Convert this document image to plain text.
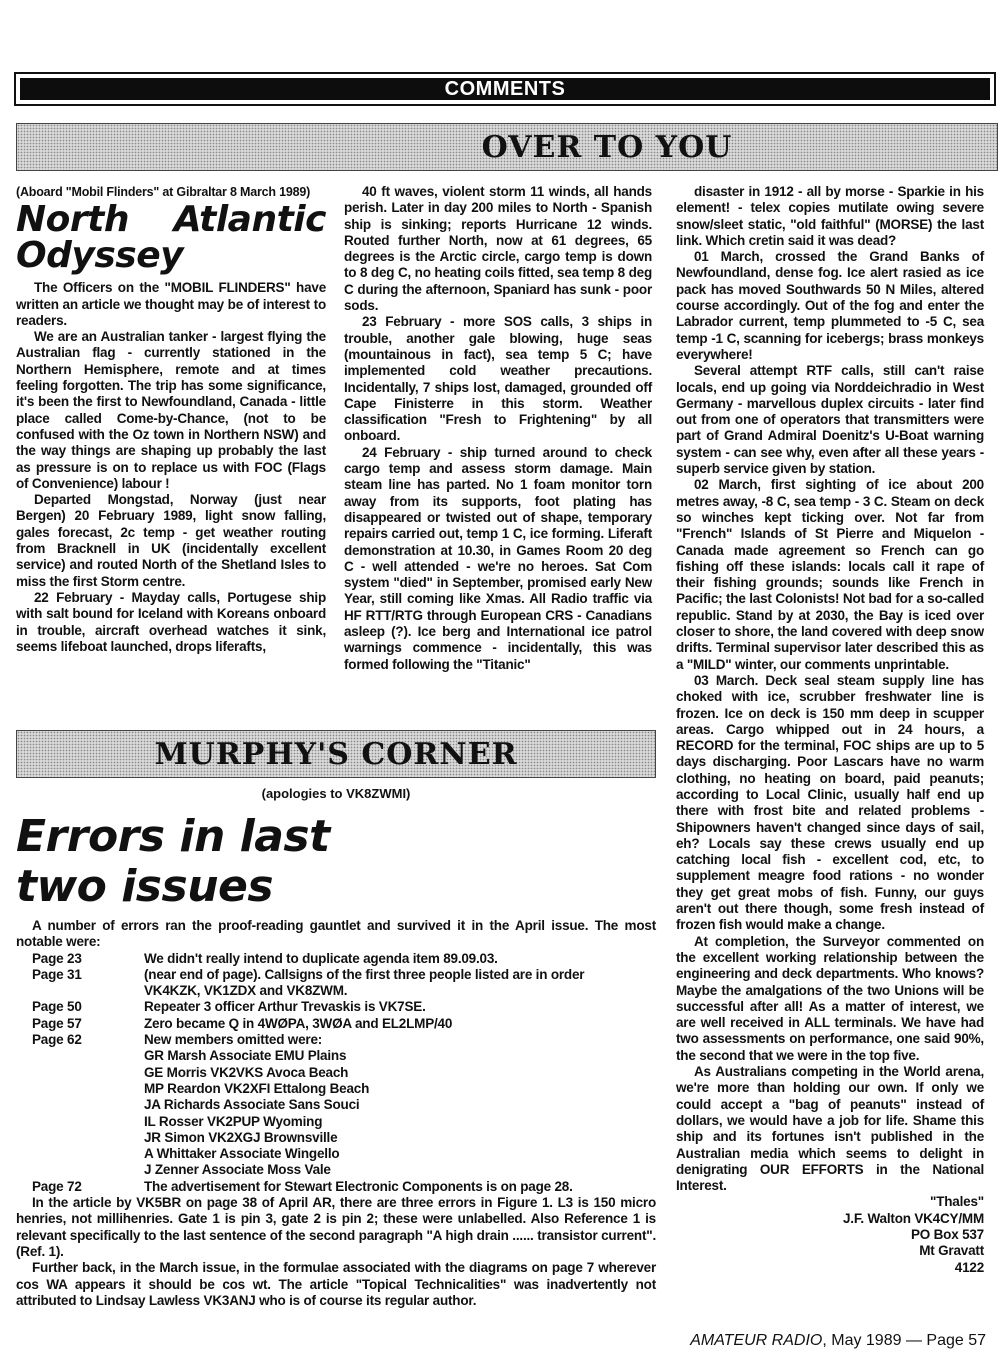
COMMENTS
OVER TO YOU

(Aboard "Mobil Flinders" at Gibraltar 8 March 1989)

North Atlantic Odyssey

The Officers on the "MOBIL FLINDERS" have written an article we thought may be of interest to readers.

We are an Australian tanker - largest flying the Australian flag - currently stationed in the Northern Hemisphere, remote and at times feeling forgotten. The trip has some significance, it's been the first to Newfoundland, Canada - little place called Come-by-Chance, (not to be confused with the Oz town in Northern NSW) and the way things are shaping up probably the last as pressure is on to replace us with FOC (Flags of Convenience) labour !

Departed Mongstad, Norway (just near Bergen) 20 February 1989, light snow falling, gales forecast, 2c temp - get weather routing from Bracknell in UK (incidentally excellent service) and routed North of the Shetland Isles to miss the first Storm centre.

22 February - Mayday calls, Portugese ship with salt bound for Iceland with Koreans onboard in trouble, aircraft overhead watches it sink, seems lifeboat launched, drops liferafts,

40 ft waves, violent storm 11 winds, all hands perish. Later in day 200 miles to North - Spanish ship is sinking; reports Hurricane 12 winds. Routed further North, now at 61 degrees, 65 degrees is the Arctic circle, cargo temp is down to 8 deg C, no heating coils fitted, sea temp 8 deg C during the afternoon, Spaniard has sunk - poor sods.

23 February - more SOS calls, 3 ships in trouble, another gale blowing, huge seas (mountainous in fact), sea temp 5 C; have implemented cold weather precautions. Incidentally, 7 ships lost, damaged, grounded off Cape Finisterre in this storm. Weather classification "Fresh to Frightening" by all onboard.

24 February - ship turned around to check cargo temp and assess storm damage. Main steam line has parted. No 1 foam monitor torn away from its supports, foot plating has disappeared or twisted out of shape, temporary repairs carried out, temp 1 C, ice forming. Liferaft demonstration at 10.30, in Games Room 20 deg C - well attended - we're no heroes. Sat Com system "died" in September, promised early New Year, still coming like Xmas. All Radio traffic via HF RTT/RTG through European CRS - Canadians asleep (?). Ice berg and International ice patrol warnings commence - incidentally, this was formed following the "Titanic"

disaster in 1912 - all by morse - Sparkie in his element! - telex copies mutilate owing severe snow/sleet static, "old faithful" (MORSE) the last link. Which cretin said it was dead?

01 March, crossed the Grand Banks of Newfoundland, dense fog. Ice alert rasied as ice pack has moved Southwards 50 N Miles, altered course accordingly. Out of the fog and enter the Labrador current, temp plummeted to -5 C, sea temp -1 C, scanning for icebergs; brass monkeys everywhere!

Several attempt RTF calls, still can't raise locals, end up going via Norddeichradio in West Germany - marvellous duplex circuits - later find out from one of operators that transmitters were part of Grand Admiral Doenitz's U-Boat warning system - can see why, even after all these years - superb service given by station.

02 March, first sighting of ice about 200 metres away, -8 C, sea temp - 3 C. Steam on deck so winches kept ticking over. Not far from "French" Islands of St Pierre and Miquelon - Canada made agreement so French can go fishing off these islands: locals call it rape of their fishing grounds; sounds like French in Pacific; the last Colonists! Not bad for a so-called republic. Stand by at 2030, the Bay is iced over closer to shore, the land covered with deep snow drifts. Terminal supervisor later described this as a "MILD" winter, our comments unprintable.

03 March. Deck seal steam supply line has choked with ice, scrubber freshwater line is frozen. Ice on deck is 150 mm deep in scupper areas. Cargo whipped out in 24 hours, a RECORD for the terminal, FOC ships are up to 5 days discharging. Poor Lascars have no warm clothing, no heating on board, paid peanuts; according to Local Clinic, usually half end up there with frost bite and related problems - Shipowners haven't changed since days of sail, eh? Locals say these crews usually end up catching local fish - excellent cod, etc, to supplement meagre food rations - no wonder they get great mobs of fish. Funny, our guys aren't out there though, some fresh instead of frozen fish would make a change.

At completion, the Surveyor commented on the excellent working relationship between the engineering and deck departments. Who knows? Maybe the amalgations of the two Unions will be successful after all! As a matter of interest, we are well received in ALL terminals. We have had two assessments on performance, one said 90%, the second that we were in the top five.

As Australians competing in the World arena, we're more than holding our own. If only we could accept a "bag of peanuts" instead of dollars, we would have a job for life. Shame this ship and its fortunes isn't published in the Australian media which seems to delight in denigrating OUR EFFORTS in the National Interest.

"Thales"
J.F. Walton VK4CY/MM
PO Box 537
Mt Gravatt
4122
MURPHY'S CORNER
(apologies to VK8ZWMI)
Errors in last
two issues

A number of errors ran the proof-reading gauntlet and survived it in the April issue. The most notable were:

Page 23	We didn't really intend to duplicate agenda item 89.09.03.
Page 31	(near end of page). Callsigns of the first three people listed are in order
VK4KZK, VK1ZDX and VK8ZWM.
Page 50	Repeater 3 officer Arthur Trevaskis is VK7SE.
Page 57	Zero became Q in 4WØPA, 3WØA and EL2LMP/40
Page 62	New members omitted were:
GR Marsh Associate EMU Plains
GE Morris VK2VKS Avoca Beach
MP Reardon VK2XFI Ettalong Beach
JA Richards Associate Sans Souci
IL Rosser VK2PUP Wyoming
JR Simon VK2XGJ Brownsville
A Whittaker Associate Wingello
J Zenner Associate Moss Vale
Page 72	The advertisement for Stewart Electronic Components is on page 28.

In the article by VK5BR on page 38 of April AR, there are three errors in Figure 1. L3 is 150 micro henries, not millihenries. Gate 1 is pin 3, gate 2 is pin 2; these were unlabelled. Also Reference 1 is relevant specifically to the last sentence of the second paragraph "A high drain ...... transistor current". (Ref. 1).

Further back, in the March issue, in the formulae associated with the diagrams on page 7 wherever cos WA appears it should be cos wt. The article "Topical Technicalities" was inadvertently not attributed to Lindsay Lawless VK3ANJ who is of course its regular author.

AMATEUR RADIO, May 1989 — Page 57
